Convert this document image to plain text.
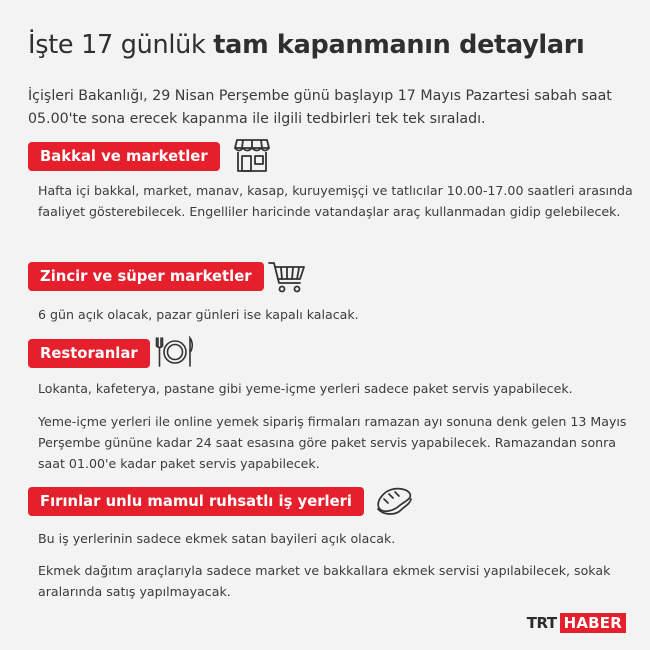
İşte 17 günlük tam kapanmanın detayları
İçişleri Bakanlığı, 29 Nisan Perşembe günü başlayıp 17 Mayıs Pazartesi sabah saat 05.00'te sona erecek kapanma ile ilgili tedbirleri tek tek sıraladı.
Bakkal ve marketler
Hafta içi bakkal, market, manav, kasap, kuruyemişçi ve tatlıcılar 10.00-17.00 saatleri arasında faaliyet gösterebilecek. Engelliler haricinde vatandaşlar araç kullanmadan gidip gelebilecek.
Zincir ve süper marketler
6 gün açık olacak, pazar günleri ise kapalı kalacak.
Restoranlar
Lokanta, kafeterya, pastane gibi yeme-içme yerleri sadece paket servis yapabilecek.
Yeme-içme yerleri ile online yemek sipariş firmaları ramazan ayı sonuna denk gelen 13 Mayıs Perşembe gününe kadar 24 saat esasına göre paket servis yapabilecek. Ramazandan sonra saat 01.00'e kadar paket servis yapabilecek.
Fırınlar unlu mamul ruhsatlı iş yerleri
Bu iş yerlerinin sadece ekmek satan bayileri açık olacak.
Ekmek dağıtım araçlarıyla sadece market ve bakkallara ekmek servisi yapılabilecek, sokak aralarında satış yapılmayacak.
TRT HABER
